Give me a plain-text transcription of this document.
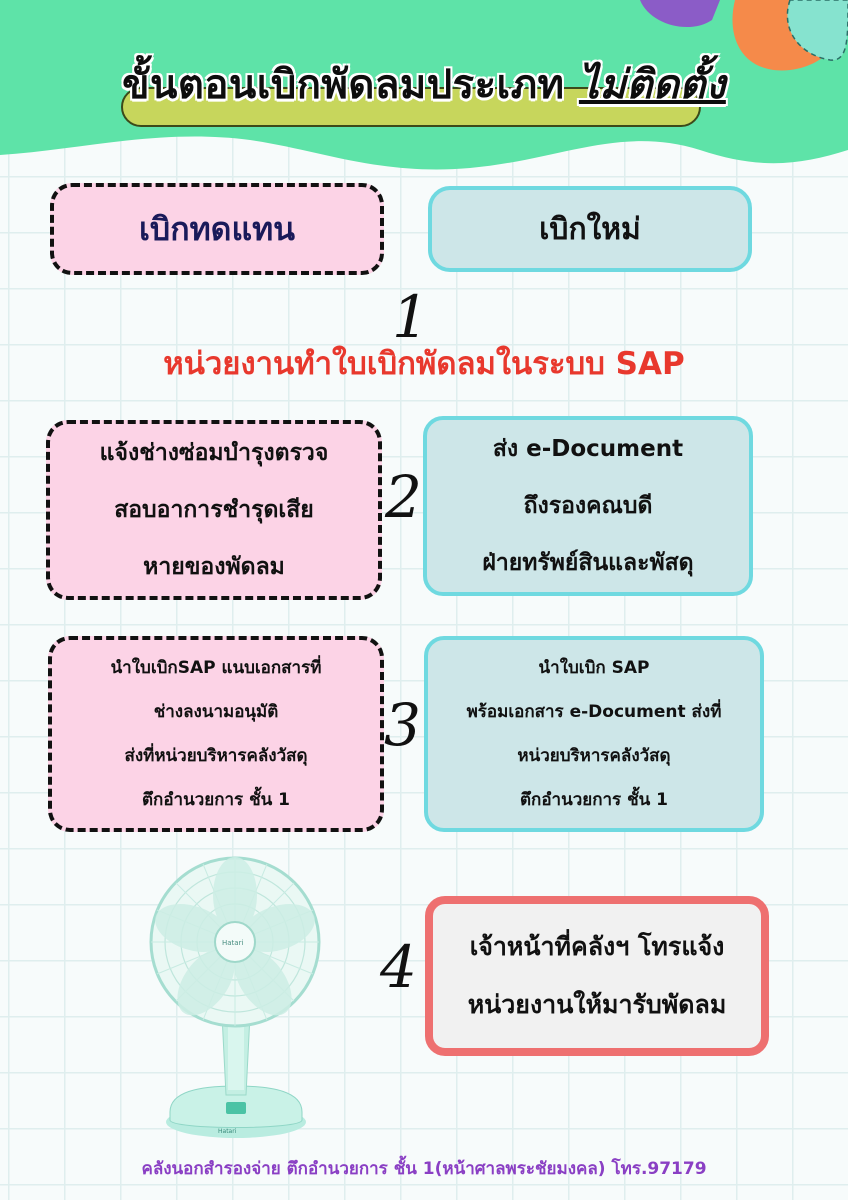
ขั้นตอนเบิกพัดลมประเภท ไม่ติดตั้ง
เบิกทดแทน	เบิกใหม่
1
หน่วยงานทำใบเบิกพัดลมในระบบ SAP
แจ้งช่างซ่อมบำรุงตรวจ
สอบอาการชำรุดเสีย
หายของพัดลม
2
ส่ง e-Document
ถึงรองคณบดี
ฝ่ายทรัพย์สินและพัสดุ
นำใบเบิกSAP แนบเอกสารที่
ช่างลงนามอนุมัติ
ส่งที่หน่วยบริหารคลังวัสดุ
ตึกอำนวยการ ชั้น 1
3
นำใบเบิก SAP
พร้อมเอกสาร e-Document ส่งที่
หน่วยบริหารคลังวัสดุ
ตึกอำนวยการ ชั้น 1
Hatari
Hatari 4 เจ้าหน้าที่คลังฯ โทรแจ้ง
หน่วยงานให้มารับพัดลม
คลังนอกสำรองจ่าย ตึกอำนวยการ ชั้น 1(หน้าศาลพระชัยมงคล) โทร.97179
